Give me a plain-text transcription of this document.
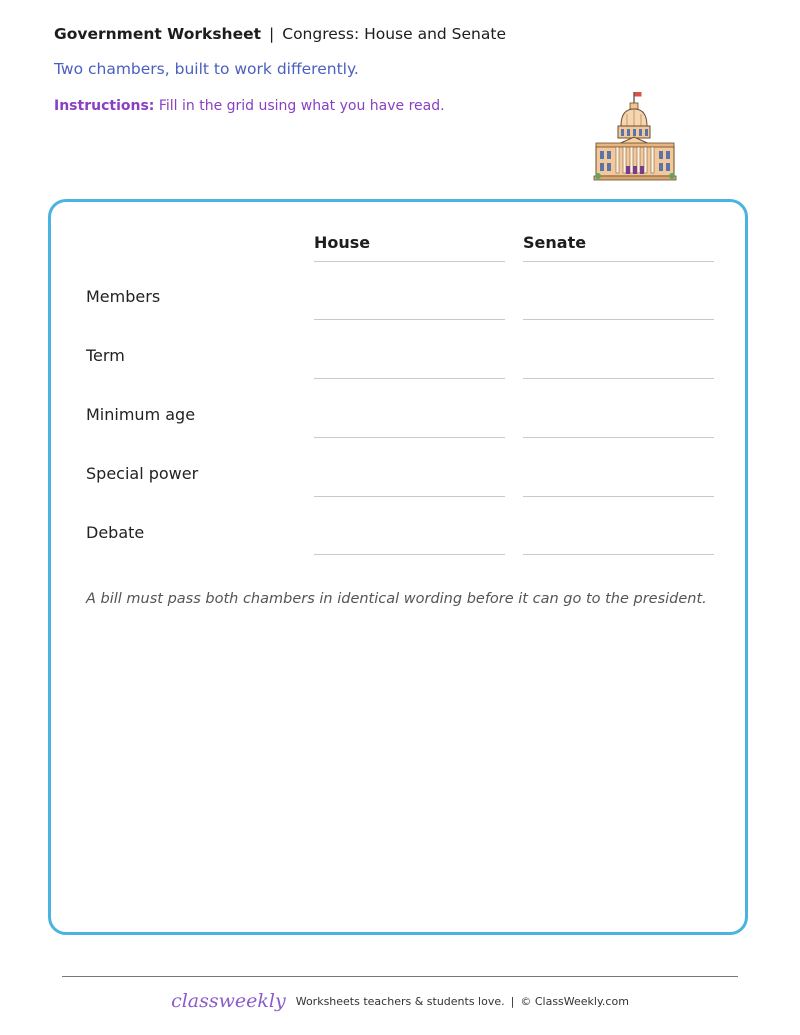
Government Worksheet | Congress: House and Senate
Two chambers, built to work differently.
Instructions: Fill in the grid using what you have read.
House	Senate
Members
Term
Minimum age
Special power
Debate
A bill must pass both chambers in identical wording before it can go to the president.
classweekly Worksheets teachers & students love. | © ClassWeekly.com
